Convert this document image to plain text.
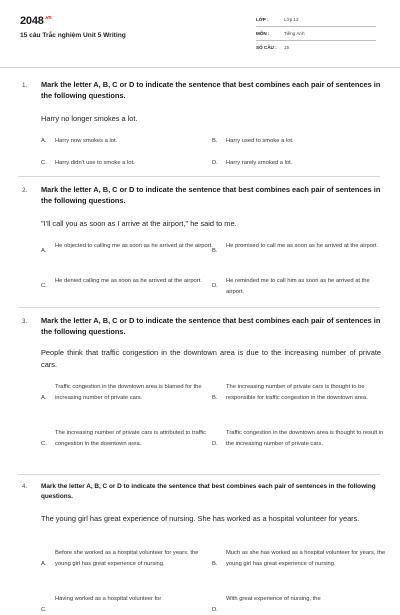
$2048^{.vn}$
15 câu Trắc nghiệm Unit 5 Writing
LỚP :	Lớp 12
MÔN :	Tiếng Anh
SỐ CÂU :	15
1. Mark the letter A, B, C or D to indicate the sentence that best combines each pair of sentences in the following questions.
Harry no longer smokes a lot.
A. Harry now smokes a lot.	B. Harry used to smoke a lot.
C. Harry didn't use to smoke a lot.	D. Harry rarely smoked a lot.
2. Mark the letter A, B, C or D to indicate the sentence that best combines each pair of sentences in the following questions.
"I'll call you as soon as I arrive at the airport," he said to me.
A.
He objected to calling me as soon as he arrived at the airport.
B.
He promised to call me as soon as he arrived at the airport.
C.
He denied calling me as soon as he arrived at the airport.
D.
He reminded me to call him as soon as he arrived at the airport.
3. Mark the letter A, B, C or D to indicate the sentence that best combines each pair of sentences in the following questions.
People think that traffic congestion in the downtown area is due to the increasing number of private cars.
A.
Traffic congestion in the downtown area is blamed for the increasing number of private cars.	B.
The increasing number of private cars is thought to be responsible for traffic congestion in the downtown area.
C.
The increasing number of private cars is attributed to traffic congestion in the downtown area.	D.
Traffic congestion in the downtown area is thought to result in the increasing number of private cars.
4. Mark the letter A, B, C or D to indicate the sentence that best combines each pair of sentences in the following questions.
The young girl has great experience of nursing. She has worked as a hospital volunteer for years.
A.
Before she worked as a hospital volunteer for years, the young girl has great experience of nursing.	B.
Much as she has worked as a hospital volunteer for years, the young girl has great experience of nursing.
C.
Having worked as a hospital volunteer for
D.
With great experience of nursing, the
